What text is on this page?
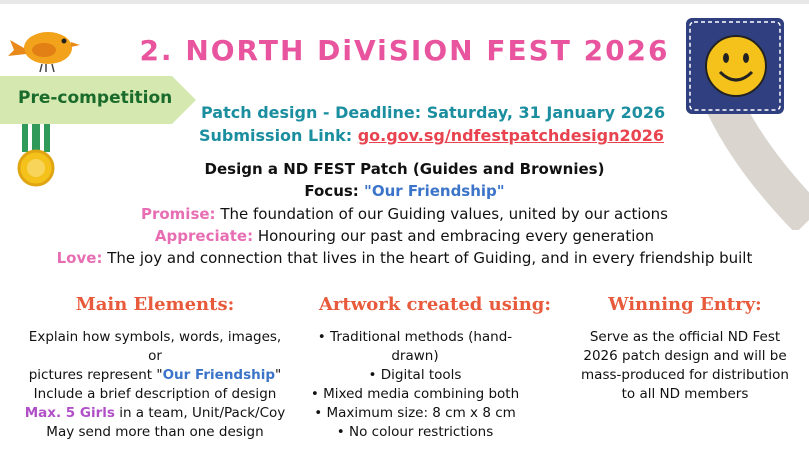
Pre-competition
2. NORTH DiViSION FEST 2026
Patch design - Deadline: Saturday, 31 January 2026
Submission Link: go.gov.sg/ndfestpatchdesign2026
Design a ND FEST Patch (Guides and Brownies)
Focus: "Our Friendship"
Promise: The foundation of our Guiding values, united by our actions
Appreciate: Honouring our past and embracing every generation
Love: The joy and connection that lives in the heart of Guiding, and in every friendship built
Main Elements:
Explain how symbols, words, images, or
pictures represent "Our Friendship"
Include a brief description of design
Max. 5 Girls in a team, Unit/Pack/Coy
May send more than one design
Artwork created using:
• Traditional methods (hand-drawn)
• Digital tools
• Mixed media combining both
• Maximum size: 8 cm x 8 cm
• No colour restrictions
Winning Entry:
Serve as the official ND Fest
2026 patch design and will be
mass-produced for distribution
to all ND members
